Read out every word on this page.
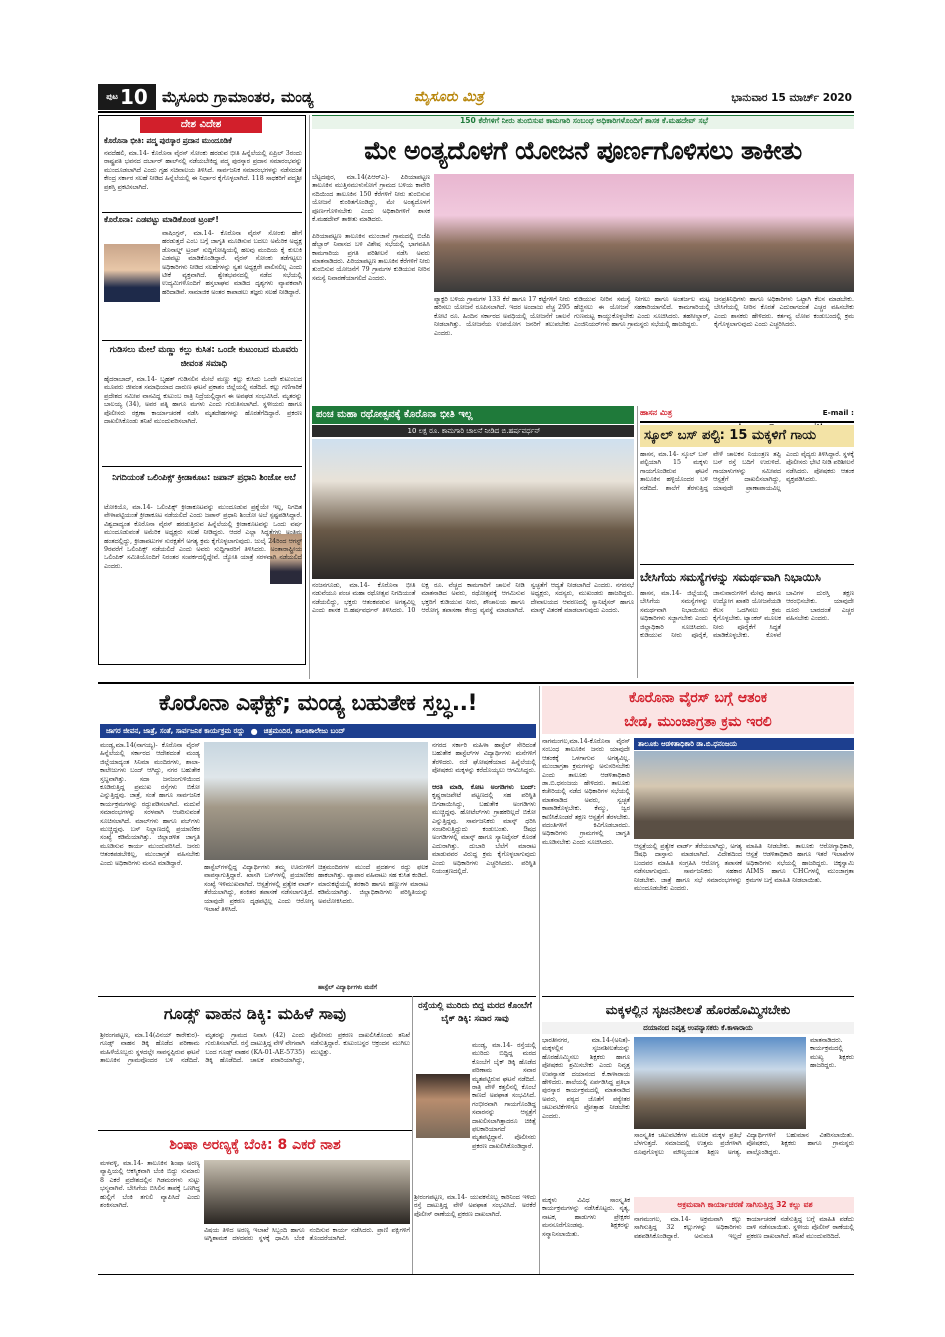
ಪುಟ 10 ಮೈಸೂರು ಗ್ರಾಮಾಂತರ, ಮಂಡ್ಯ	ಮೈಸೂರು ಮಿತ್ರ	ಭಾನುವಾರ 15 ಮಾರ್ಚ್ 2020
ದೇಶ ವಿದೇಶ
ಕೊರೊನಾ ಭೀತಿ: ಪದ್ಮ ಪುರಸ್ಕಾರ ಪ್ರದಾನ ಮುಂದೂಡಿಕೆ
ನವದೆಹಲಿ, ಮಾ.14- ಕೊರೊನಾ ವೈರಸ್ ಸೋಂಕು ಹರಡುವ ಭೀತಿ ಹಿನ್ನೆಲೆಯಲ್ಲಿ ಏಪ್ರಿಲ್ 3ರಂದು ರಾಷ್ಟ್ರಪತಿ ಭವನದ ದರ್ಬಾರ್ ಹಾಲ್‌ನಲ್ಲಿ ನಡೆಯಬೇಕಿದ್ದ ಪದ್ಮ ಪುರಸ್ಕಾರ ಪ್ರದಾನ ಸಮಾರಂಭವನ್ನು ಮುಂದೂಡಲಾಗಿದೆ ಎಂದು ಗೃಹ ಸಚಿವಾಲಯ ತಿಳಿಸಿದೆ. ಸಾರ್ವಜನಿಕ ಸಮಾರಂಭಗಳನ್ನು ನಡೆಸದಂತೆ ಕೇಂದ್ರ ಸರ್ಕಾರ ಸಲಹೆ ನೀಡಿದ ಹಿನ್ನೆಲೆಯಲ್ಲಿ ಈ ನಿರ್ಧಾರ ಕೈಗೊಳ್ಳಲಾಗಿದೆ. 118 ಸಾಧಕರಿಗೆ ಪದ್ಮಶ್ರೀ ಪ್ರಶಸ್ತಿ ಪ್ರಕಟಿಸಲಾಗಿದೆ.
ಕೊರೊನಾ: ಎಡವಟ್ಟು ಮಾಡಿಕೊಂಡ ಟ್ರಂಪ್!
ವಾಷಿಂಗ್ಟನ್, ಮಾ.14- ಕೊರೊನಾ ವೈರಸ್ ಸೋಂಕು ಹೇಗೆ ಹರಡುತ್ತದೆ ಎಂಬ ಬಗ್ಗೆ ಜಾಗೃತಿ ಮೂಡಿಸುವ ಬದಲು ಅಮೆರಿಕ ಅಧ್ಯಕ್ಷ ಡೊನಾಲ್ಡ್ ಟ್ರಂಪ್ ಸುದ್ದಿಗೋಷ್ಠಿಯಲ್ಲಿ ಹಲವು ಮಂದಿಯ ಕೈ ಕುಲುಕಿ ಎಡವಟ್ಟು ಮಾಡಿಕೊಂಡಿದ್ದಾರೆ. ವೈರಸ್ ಸೋಂಕು ತಡೆಗಟ್ಟಲು ಅಧಿಕಾರಿಗಳು ನೀಡಿದ ಸಲಹೆಗಳನ್ನು ಸ್ವತಃ ಅಧ್ಯಕ್ಷರೇ ಪಾಲಿಸಲಿಲ್ಲ ಎಂದು ಟೀಕೆ ವ್ಯಕ್ತವಾಗಿದೆ. ಶ್ವೇತಭವನದಲ್ಲಿ ನಡೆದ ಸಭೆಯಲ್ಲಿ ಉದ್ಯಮಿಗಳೊಂದಿಗೆ ಹಸ್ತಲಾಘವ ಮಾಡಿದ ದೃಶ್ಯಗಳು ವ್ಯಾಪಕವಾಗಿ ಹರಿದಾಡಿವೆ. ಸಾಮಾಜಿಕ ಅಂತರ ಕಾಪಾಡಲು ತಜ್ಞರು ಸಲಹೆ ನೀಡಿದ್ದಾರೆ.
ಗುಡಿಸಲು ಮೇಲೆ ಮಣ್ಣು ಕಲ್ಲು ಕುಸಿತ: ಒಂದೇ ಕುಟುಂಬದ ಮೂವರು ಜೀವಂತ ಸಮಾಧಿ
ಹೈದರಾಬಾದ್, ಮಾ.14- ಬೃಹತ್ ಗುಡಿಸಲಿನ ಮೇಲೆ ಮಣ್ಣು ಕಲ್ಲು ಕುಸಿದು ಒಂದೇ ಕುಟುಂಬದ ಮೂವರು ಜೀವಂತ ಸಮಾಧಿಯಾದ ದಾರುಣ ಘಟನೆ ಪ್ರಕಾಶಂ ಜಿಲ್ಲೆಯಲ್ಲಿ ನಡೆದಿದೆ. ಕಲ್ಲು ಗಣಿಗಾರಿಕೆ ಪ್ರದೇಶದ ಸಮೀಪ ವಾಸವಿದ್ದ ಕುಟುಂಬ ರಾತ್ರಿ ನಿದ್ರೆಯಲ್ಲಿದ್ದಾಗ ಈ ಅವಘಡ ಸಂಭವಿಸಿದೆ. ಮೃತರನ್ನು ಬಾಲಯ್ಯ (34), ಅವರ ಪತ್ನಿ ಹಾಗೂ ಮಗಳು ಎಂದು ಗುರುತಿಸಲಾಗಿದೆ. ಸ್ಥಳೀಯರು ಹಾಗೂ ಪೊಲೀಸರು ರಕ್ಷಣಾ ಕಾರ್ಯಾಚರಣೆ ನಡೆಸಿ ಮೃತದೇಹಗಳನ್ನು ಹೊರತೆಗೆದಿದ್ದಾರೆ. ಪ್ರಕರಣ ದಾಖಲಿಸಿಕೊಂಡು ತನಿಖೆ ಮುಂದುವರಿಸಲಾಗಿದೆ.
ನಿಗದಿಯಂತೆ ಒಲಿಂಪಿಕ್ಸ್ ಕ್ರೀಡಾಕೂಟ: ಜಪಾನ್ ಪ್ರಧಾನಿ ಶಿಂಜೋ ಅಬೆ
ಟೋಕಿಯೊ, ಮಾ.14- ಒಲಿಂಪಿಕ್ಸ್ ಕ್ರೀಡಾಕೂಟವನ್ನು ಮುಂದೂಡುವ ಪ್ರಶ್ನೆಯೇ ಇಲ್ಲ, ನಿಗದಿತ ವೇಳಾಪಟ್ಟಿಯಂತೆ ಕ್ರೀಡಾಕೂಟ ನಡೆಯಲಿದೆ ಎಂದು ಜಪಾನ್ ಪ್ರಧಾನಿ ಶಿಂಜೋ ಅಬೆ ಸ್ಪಷ್ಟಪಡಿಸಿದ್ದಾರೆ. ವಿಶ್ವದಾದ್ಯಂತ ಕೊರೊನಾ ವೈರಸ್ ಹರಡುತ್ತಿರುವ ಹಿನ್ನೆಲೆಯಲ್ಲಿ ಕ್ರೀಡಾಕೂಟವನ್ನು ಒಂದು ವರ್ಷ ಮುಂದೂಡುವಂತೆ ಅಮೆರಿಕ ಅಧ್ಯಕ್ಷರು ಸಲಹೆ ನೀಡಿದ್ದರು. ಆದರೆ ಎಲ್ಲಾ ಸಿದ್ಧತೆಗಳು ಅಂತಿಮ ಹಂತದಲ್ಲಿದ್ದು, ಕ್ರೀಡಾಪಟುಗಳ ಸುರಕ್ಷತೆಗೆ ಅಗತ್ಯ ಕ್ರಮ ಕೈಗೊಳ್ಳಲಾಗುವುದು. ಜುಲೈ 24ರಿಂದ ಆಗಸ್ಟ್ 9ರವರೆಗೆ ಒಲಿಂಪಿಕ್ಸ್ ನಡೆಯಲಿದೆ ಎಂದು ಅವರು ಸುದ್ದಿಗಾರರಿಗೆ ತಿಳಿಸಿದರು. ಅಂತಾರಾಷ್ಟ್ರೀಯ ಒಲಿಂಪಿಕ್ ಸಮಿತಿಯೊಂದಿಗೆ ನಿರಂತರ ಸಂಪರ್ಕದಲ್ಲಿದ್ದೇವೆ. ಜ್ಯೋತಿ ಯಾತ್ರೆ ಸರಳವಾಗಿ ನಡೆಯಲಿದೆ ಎಂದರು.
150 ಕೆರೆಗಳಿಗೆ ನೀರು ತುಂಬಿಸುವ ಕಾಮಗಾರಿ ಸಂಬಂಧ ಅಧಿಕಾರಿಗಳೊಂದಿಗೆ ಶಾಸಕ ಕೆ.ಮಹದೇವ್ ಸಭೆ
ಮೇ ಅಂತ್ಯದೊಳಗೆ ಯೋಜನೆ ಪೂರ್ಣಗೊಳಿಸಲು ತಾಕೀತು
ಬೆಟ್ಟದಪುರ, ಮಾ.14(ಪಿಆರ್‌ಎ)- ಪಿರಿಯಾಪಟ್ಟಣ ತಾಲೂಕಿನ ಮುತ್ತಿನಮುಳುಸೋಗೆ ಗ್ರಾಮದ ಬಳಿಯ ಕಾವೇರಿ ನದಿಯಿಂದ ತಾಲೂಕಿನ 150 ಕೆರೆಗಳಿಗೆ ನೀರು ತುಂಬಿಸುವ ಯೋಜನೆ ಕುಂಠಿತಗೊಂಡಿದ್ದು, ಮೇ ಅಂತ್ಯದೊಳಗೆ ಪೂರ್ಣಗೊಳಿಸಬೇಕು ಎಂದು ಅಧಿಕಾರಿಗಳಿಗೆ ಶಾಸಕ ಕೆ.ಮಹದೇವ್ ತಾಕೀತು ಮಾಡಿದರು.

ಪಿರಿಯಾಪಟ್ಟಣ ತಾಲೂಕಿನ ಮುಂಜಾನೆ ಗ್ರಾಮದಲ್ಲಿ ಬಿಜೆಪಿ ಹೆಬ್ಬಾರ್ ನಿವಾಸದ ಬಳಿ ವಿಶೇಷ ಸಭೆಯಲ್ಲಿ ಭಾಗವಹಿಸಿ ಕಾಮಗಾರಿಯ ಪ್ರಗತಿ ಪರಿಶೀಲನೆ ನಡೆಸಿ ಅವರು ಮಾತನಾಡಿದರು. ಪಿರಿಯಾಪಟ್ಟಣ ತಾಲೂಕಿನ ಕೆರೆಗಳಿಗೆ ನೀರು ತುಂಬಿಸುವ ಯೋಜನೆಗೆ 79 ಗ್ರಾಮಗಳ ಕುಡಿಯುವ ನೀರಿನ ಸಮಸ್ಯೆ ನಿವಾರಣೆಯಾಗಲಿದೆ ಎಂದರು.
ಪ್ಯಾಕ್ಟರಿ ಬಳಿಯ ಗ್ರಾಮಗಳ 133 ಕೆರೆ ಹಾಗೂ 17 ಕಟ್ಟೆಗಳಿಗೆ ನೀರು ಹರಿಸಲು ಯೋಜನೆ ರೂಪಿಸಲಾಗಿದೆ. ಇದರ ಅಂದಾಜು ವೆಚ್ಚ 295 ಕೋಟಿ ರೂ. ಹಿಂದಿನ ಸರ್ಕಾರದ ಅವಧಿಯಲ್ಲಿ ಯೋಜನೆಗೆ ಚಾಲನೆ ನೀಡಲಾಗಿತ್ತು. ಯೋಜನೆಯ ಉಪಯೋಗ ಜನರಿಗೆ ತಲುಪಬೇಕು ಎಂದರು.
ಕುಡಿಯುವ ನೀರಿನ ಸಮಸ್ಯೆ ನೀಗಲು ಹಾಗೂ ಅಂತರ್ಜಲ ಮಟ್ಟ ಹೆಚ್ಚಿಸಲು ಈ ಯೋಜನೆ ಸಹಕಾರಿಯಾಗಲಿದೆ. ಕಾಮಗಾರಿಯಲ್ಲಿ ಗುಣಮಟ್ಟ ಕಾಯ್ದುಕೊಳ್ಳಬೇಕು ಎಂದು ಸೂಚಿಸಿದರು. ತಹಸೀಲ್ದಾರ್, ಎಂಜಿನಿಯರ್‌ಗಳು ಹಾಗೂ ಗ್ರಾಮಸ್ಥರು ಸಭೆಯಲ್ಲಿ ಹಾಜರಿದ್ದರು.
ಜನಪ್ರತಿನಿಧಿಗಳು ಹಾಗೂ ಅಧಿಕಾರಿಗಳು ಒಟ್ಟಾಗಿ ಕೆಲಸ ಮಾಡಬೇಕು. ಬೇಸಿಗೆಯಲ್ಲಿ ನೀರಿನ ಕೊರತೆ ಎದುರಾಗದಂತೆ ಎಚ್ಚರ ವಹಿಸಬೇಕು ಎಂದು ಶಾಸಕರು ಹೇಳಿದರು. ಕರ್ತವ್ಯ ಲೋಪ ಕಂಡುಬಂದಲ್ಲಿ ಕ್ರಮ ಕೈಗೊಳ್ಳಲಾಗುವುದು ಎಂದು ಎಚ್ಚರಿಸಿದರು.
ಪಂಚ ಮಹಾ ರಥೋತ್ಸವಕ್ಕೆ ಕೊರೊನಾ ಭೀತಿ ಇಲ್ಲ
10 ಲಕ್ಷ ರೂ. ಕಾಮಗಾರಿ ಚಾಲನೆ ನೀಡಿದ ಬಿ.ಹರ್ಷವರ್ಧನ್
ನಂಜನಗೂಡು, ಮಾ.14- ಕೊರೊನಾ ಭೀತಿ ನಡುವೆಯೂ ಪಂಚ ಮಹಾ ರಥೋತ್ಸವ ನಿಗದಿಯಂತೆ ನಡೆಯಲಿದ್ದು, ಭಕ್ತರು ಆತಂಕಪಡುವ ಅಗತ್ಯವಿಲ್ಲ ಎಂದು ಶಾಸಕ ಬಿ.ಹರ್ಷವರ್ಧನ್ ತಿಳಿಸಿದರು. 10 ಲಕ್ಷ ರೂ. ವೆಚ್ಚದ ಕಾಮಗಾರಿಗೆ ಚಾಲನೆ ನೀಡಿ ಮಾತನಾಡಿದ ಅವರು, ರಥೋತ್ಸವಕ್ಕೆ ಆಗಮಿಸುವ ಭಕ್ತರಿಗೆ ಕುಡಿಯುವ ನೀರು, ಶೌಚಾಲಯ ಹಾಗೂ ಆರೋಗ್ಯ ತಪಾಸಣಾ ಕೇಂದ್ರ ವ್ಯವಸ್ಥೆ ಮಾಡಲಾಗಿದೆ. ಸ್ವಚ್ಛತೆಗೆ ಆದ್ಯತೆ ನೀಡಲಾಗಿದೆ ಎಂದರು. ನಗರಸಭೆ ಅಧ್ಯಕ್ಷರು, ಸದಸ್ಯರು, ಮುಖಂಡರು ಹಾಜರಿದ್ದರು. ದೇವಾಲಯದ ಆವರಣದಲ್ಲಿ ಸ್ಯಾನಿಟೈಸರ್ ಹಾಗೂ ಮಾಸ್ಕ್ ವಿತರಣೆ ಮಾಡಲಾಗುವುದು ಎಂದರು.
ಹಾಸನ ಮಿತ್ರ	E-mail :
ಸ್ಕೂಲ್ ಬಸ್ ಪಲ್ಟಿ: 15 ಮಕ್ಕಳಿಗೆ ಗಾಯ
ಹಾಸನ, ಮಾ.14- ಸ್ಕೂಲ್ ಬಸ್ ಪಲ್ಟಿಯಾಗಿ 15 ಮಕ್ಕಳು ಗಾಯಗೊಂಡಿರುವ ಘಟನೆ ತಾಲೂಕಿನ ಹಳ್ಳಿಯೊಂದರ ಬಳಿ ನಡೆದಿದೆ. ಶಾಲೆಗೆ ತೆರಳುತ್ತಿದ್ದ ವೇಳೆ ಚಾಲಕನ ನಿಯಂತ್ರಣ ತಪ್ಪಿ ಬಸ್ ರಸ್ತೆ ಬದಿಗೆ ಉರುಳಿದೆ. ಗಾಯಾಳುಗಳನ್ನು ಸಮೀಪದ ಆಸ್ಪತ್ರೆಗೆ ದಾಖಲಿಸಲಾಗಿದ್ದು, ಯಾವುದೇ ಪ್ರಾಣಾಪಾಯವಿಲ್ಲ ಎಂದು ವೈದ್ಯರು ತಿಳಿಸಿದ್ದಾರೆ. ಸ್ಥಳಕ್ಕೆ ಪೊಲೀಸರು ಭೇಟಿ ನೀಡಿ ಪರಿಶೀಲನೆ ನಡೆಸಿದರು. ಪೋಷಕರು ಆತಂಕ ವ್ಯಕ್ತಪಡಿಸಿದರು.
ಬೇಸಿಗೆಯ ಸಮಸ್ಯೆಗಳನ್ನು ಸಮರ್ಥವಾಗಿ ನಿಭಾಯಿಸಿ
ಹಾಸನ, ಮಾ.14- ಜಿಲ್ಲೆಯಲ್ಲಿ ಬೇಸಿಗೆಯ ಸಮಸ್ಯೆಗಳನ್ನು ಸಮರ್ಥವಾಗಿ ನಿಭಾಯಿಸಲು ಅಧಿಕಾರಿಗಳು ಸಜ್ಜಾಗಬೇಕು ಎಂದು ಜಿಲ್ಲಾಧಿಕಾರಿ ಸೂಚಿಸಿದರು. ಕುಡಿಯುವ ನೀರು ಪೂರೈಕೆ, ಜಾನುವಾರುಗಳಿಗೆ ಮೇವು ಹಾಗೂ ಉದ್ಯೋಗ ಖಾತರಿ ಯೋಜನೆಯಡಿ ಕೆಲಸ ಒದಗಿಸಲು ಕ್ರಮ ಕೈಗೊಳ್ಳಬೇಕು. ಟ್ಯಾಂಕರ್ ಮೂಲಕ ನೀರು ಪೂರೈಕೆಗೆ ಸಿದ್ಧತೆ ಮಾಡಿಕೊಳ್ಳಬೇಕು. ಕೊಳವೆ ಬಾವಿಗಳ ದುರಸ್ತಿ ತಕ್ಷಣ ಆರಂಭಿಸಬೇಕು. ಯಾವುದೇ ದೂರು ಬಾರದಂತೆ ಎಚ್ಚರ ವಹಿಸಬೇಕು ಎಂದರು.
ಕೊರೊನಾ ಎಫೆಕ್ಟ್; ಮಂಡ್ಯ ಬಹುತೇಕ ಸ್ತಬ್ಧ..!
ಜಾಗರ ಜೀವನ, ಜಾತ್ರೆ, ಸಂತೆ, ಸಾರ್ವಜನಿಕ ಕಾರ್ಯಕ್ರಮ ರದ್ದು ● ಚಿತ್ರಮಂದಿರ, ಶಾಲಾಕಾಲೇಜು ಬಂದ್
ಮಂಡ್ಯ,ಮಾ.14(ನಾಗಯ್ಯ)- ಕೊರೊನಾ ವೈರಸ್ ಹಿನ್ನೆಲೆಯಲ್ಲಿ ಸರ್ಕಾರದ ಆದೇಶದಂತೆ ಮಂಡ್ಯ ಜಿಲ್ಲೆಯಾದ್ಯಂತ ಸಿನಿಮಾ ಮಂದಿರಗಳು, ಶಾಲಾ-ಕಾಲೇಜುಗಳು ಬಂದ್ ಆಗಿದ್ದು, ನಗರ ಬಹುತೇಕ ಸ್ತಬ್ಧವಾಗಿತ್ತು. ಸದಾ ಜನಜಂಗುಳಿಯಿಂದ ಕೂಡಿರುತ್ತಿದ್ದ ಪ್ರಮುಖ ರಸ್ತೆಗಳು ಬಿಕೋ ಎನ್ನುತ್ತಿದ್ದವು. ಜಾತ್ರೆ, ಸಂತೆ ಹಾಗೂ ಸಾರ್ವಜನಿಕ ಕಾರ್ಯಕ್ರಮಗಳನ್ನು ರದ್ದುಪಡಿಸಲಾಗಿದೆ. ಮದುವೆ ಸಮಾರಂಭಗಳನ್ನು ಸರಳವಾಗಿ ಆಚರಿಸುವಂತೆ ಸೂಚಿಸಲಾಗಿದೆ. ಮಾಲ್‌ಗಳು ಹಾಗೂ ಪಬ್‌ಗಳು ಮುಚ್ಚಿದ್ದವು. ಬಸ್ ನಿಲ್ದಾಣದಲ್ಲಿ ಪ್ರಯಾಣಿಕರ ಸಂಖ್ಯೆ ಕಡಿಮೆಯಾಗಿತ್ತು. ಜಿಲ್ಲಾಡಳಿತ ಜಾಗೃತಿ ಮೂಡಿಸುವ ಕಾರ್ಯ ಮುಂದುವರಿಸಿದೆ. ಜನರು ಆತಂಕಪಡಬೇಕಿಲ್ಲ, ಮುಂಜಾಗ್ರತೆ ವಹಿಸಬೇಕು ಎಂದು ಅಧಿಕಾರಿಗಳು ಮನವಿ ಮಾಡಿದ್ದಾರೆ.
ಹಾಸ್ಟೆಲ್‌ಗಳಲ್ಲಿದ್ದ ವಿದ್ಯಾರ್ಥಿಗಳು ತಮ್ಮ ಊರುಗಳಿಗೆ ವಾಪಸ್ಸಾಗುತ್ತಿದ್ದಾರೆ. ಖಾಸಗಿ ಬಸ್‌ಗಳಲ್ಲಿ ಪ್ರಯಾಣಿಕರ ಸಂಖ್ಯೆ ಇಳಿಮುಖವಾಗಿದೆ. ಆಸ್ಪತ್ರೆಗಳಲ್ಲಿ ಪ್ರತ್ಯೇಕ ವಾರ್ಡ್ ತೆರೆಯಲಾಗಿದ್ದು, ಶಂಕಿತರ ತಪಾಸಣೆ ನಡೆಸಲಾಗುತ್ತಿದೆ. ಯಾವುದೇ ಪ್ರಕರಣ ದೃಢಪಟ್ಟಿಲ್ಲ ಎಂದು ಆರೋಗ್ಯ ಇಲಾಖೆ ತಿಳಿಸಿದೆ.
ಚಿತ್ರಮಂದಿರಗಳ ಮುಂದೆ ಪ್ರದರ್ಶನ ರದ್ದು ಫಲಕ ಹಾಕಲಾಗಿತ್ತು. ವ್ಯಾಪಾರ ವಹಿವಾಟು ಸಹ ಕುಸಿತ ಕಂಡಿದೆ. ಮಾರುಕಟ್ಟೆಯಲ್ಲಿ ತರಕಾರಿ ಹಾಗೂ ಹಣ್ಣುಗಳ ಮಾರಾಟ ಕಡಿಮೆಯಾಗಿತ್ತು. ಜಿಲ್ಲಾಧಿಕಾರಿಗಳು ಪರಿಸ್ಥಿತಿಯನ್ನು ಅವಲೋಕಿಸಿದರು.
ನಗರದ ಸರ್ಕಾರಿ ಮಹಿಳಾ ಹಾಸ್ಟೆಲ್ ಸೇರಿದಂತೆ ಬಹುತೇಕ ಹಾಸ್ಟೆಲ್‌ಗಳ ವಿದ್ಯಾರ್ಥಿಗಳು ಮನೆಗಳಿಗೆ ತೆರಳಿದರು. ರಜೆ ಘೋಷಣೆಯಾದ ಹಿನ್ನೆಲೆಯಲ್ಲಿ ಪೋಷಕರು ಮಕ್ಕಳನ್ನು ಕರೆದೊಯ್ಯಲು ಆಗಮಿಸಿದ್ದರು.

ಆರತಿ ಮಾಡಿ, ಕೋಟ ಅಂಗಡಿಗಳು ಬಂದ್: ಕೃಷ್ಣರಾಜಪೇಟೆ ಪಟ್ಟಣದಲ್ಲಿ ಸಹ ಪರಿಸ್ಥಿತಿ ಬಿಗಡಾಯಿಸಿದ್ದು, ಬಹುತೇಕ ಅಂಗಡಿಗಳು ಮುಚ್ಚಿದ್ದವು. ಹೋಟೆಲ್‌ಗಳು ಗ್ರಾಹಕರಿಲ್ಲದೆ ಬಿಕೋ ಎನ್ನುತ್ತಿದ್ದವು. ಸಾರ್ವಜನಿಕರು ಮಾಸ್ಕ್ ಧರಿಸಿ ಸಂಚರಿಸುತ್ತಿದ್ದುದು ಕಂಡುಬಂತು. ಔಷಧ ಅಂಗಡಿಗಳಲ್ಲಿ ಮಾಸ್ಕ್ ಹಾಗೂ ಸ್ಯಾನಿಟೈಸರ್ ಕೊರತೆ ಎದುರಾಗಿತ್ತು. ದುಬಾರಿ ಬೆಲೆಗೆ ಮಾರಾಟ ಮಾಡುವವರ ವಿರುದ್ಧ ಕ್ರಮ ಕೈಗೊಳ್ಳಲಾಗುವುದು ಎಂದು ಅಧಿಕಾರಿಗಳು ಎಚ್ಚರಿಸಿದರು. ಪರಿಸ್ಥಿತಿ ನಿಯಂತ್ರಣದಲ್ಲಿದೆ.
ಹಾಸ್ಟೆಲ್ ವಿದ್ಯಾರ್ಥಿಗಳು ಮನೆಗೆ
ಕೊರೊನಾ ವೈರಸ್ ಬಗ್ಗೆ ಆತಂಕ
ಬೇಡ, ಮುಂಜಾಗ್ರತಾ ಕ್ರಮ ಇರಲಿ
ನಾಗಮಂಗಲ,ಮಾ.14-ಕೊರೊನಾ ವೈರಸ್ ಸಂಬಂಧ ತಾಲೂಕಿನ ಜನರು ಯಾವುದೇ ಆತಂಕಕ್ಕೆ ಒಳಗಾಗುವ ಅಗತ್ಯವಿಲ್ಲ. ಮುಂಜಾಗ್ರತಾ ಕ್ರಮಗಳನ್ನು ಅನುಸರಿಸಬೇಕು ಎಂದು ತಾಲೂಕು ಆಡಳಿತಾಧಿಕಾರಿ ಡಾ.ಬಿ.ಧನಂಜಯ ಹೇಳಿದರು. ತಾಲೂಕು ಕಚೇರಿಯಲ್ಲಿ ನಡೆದ ಅಧಿಕಾರಿಗಳ ಸಭೆಯಲ್ಲಿ ಮಾತನಾಡಿದ ಅವರು, ಸ್ವಚ್ಛತೆ ಕಾಪಾಡಿಕೊಳ್ಳಬೇಕು. ಕೆಮ್ಮು, ಜ್ವರ ಕಾಣಿಸಿಕೊಂಡರೆ ತಕ್ಷಣ ಆಸ್ಪತ್ರೆಗೆ ತೆರಳಬೇಕು. ವದಂತಿಗಳಿಗೆ ಕಿವಿಗೊಡಬಾರದು. ಅಧಿಕಾರಿಗಳು ಗ್ರಾಮಗಳಲ್ಲಿ ಜಾಗೃತಿ ಮೂಡಿಸಬೇಕು ಎಂದು ಸೂಚಿಸಿದರು.
ತಾಲೂಕು ಆಡಳಿತಾಧಿಕಾರಿ ಡಾ.ಬಿ.ಧನಂಜಯ
ಆಸ್ಪತ್ರೆಯಲ್ಲಿ ಪ್ರತ್ಯೇಕ ವಾರ್ಡ್ ತೆರೆಯಲಾಗಿದ್ದು, ಅಗತ್ಯ ಔಷಧಿ ದಾಸ್ತಾನು ಮಾಡಲಾಗಿದೆ. ವಿದೇಶದಿಂದ ಬಂದವರ ಮಾಹಿತಿ ಸಂಗ್ರಹಿಸಿ ಆರೋಗ್ಯ ತಪಾಸಣೆ ನಡೆಸಲಾಗುವುದು. ಸಾರ್ವಜನಿಕರು ಸಹಕಾರ ನೀಡಬೇಕು. ಜಾತ್ರೆ ಹಾಗೂ ಸಭೆ ಸಮಾರಂಭಗಳನ್ನು ಮುಂದೂಡಬೇಕು ಎಂದರು.
ಮಾಹಿತಿ ನೀಡಬೇಕು. ತಾಲೂಕು ಆರೋಗ್ಯಾಧಿಕಾರಿ, ಆಸ್ಪತ್ರೆ ಆಡಳಿತಾಧಿಕಾರಿ ಹಾಗೂ ಇತರೆ ಇಲಾಖೆಗಳ ಅಧಿಕಾರಿಗಳು ಸಭೆಯಲ್ಲಿ ಹಾಜರಿದ್ದರು. ಚಿಕ್ಕಸ್ವಾಮಿ AIMS ಹಾಗೂ CHCಗಳಲ್ಲಿ ಮುಂಜಾಗ್ರತಾ ಕ್ರಮಗಳ ಬಗ್ಗೆ ಮಾಹಿತಿ ನೀಡಲಾಯಿತು.
ಮಕ್ಕಳಲ್ಲಿನ ಸೃಜನಶೀಲತೆ ಹೊರಹೊಮ್ಮಿಸಬೇಕು
ದಯಾನಂದ ನಿವೃತ್ತ ಉಪನ್ಯಾಸಕರು ಕೆ.ಕಾಳಾರಾಯ
ಭಾರತೀನಗರ, ಮಾ.14-(ಅನಿತ)- ಮಕ್ಕಳಲ್ಲಿನ ಸೃಜನಶೀಲತೆಯನ್ನು ಹೊರಹೊಮ್ಮಿಸಲು ಶಿಕ್ಷಕರು ಹಾಗೂ ಪೋಷಕರು ಶ್ರಮಿಸಬೇಕು ಎಂದು ನಿವೃತ್ತ ಉಪನ್ಯಾಸಕ ದಯಾನಂದ ಕೆ.ಕಾಳಾರಾಯ ಹೇಳಿದರು. ಶಾಲೆಯಲ್ಲಿ ಏರ್ಪಡಿಸಿದ್ದ ಪ್ರತಿಭಾ ಪುರಸ್ಕಾರ ಕಾರ್ಯಕ್ರಮದಲ್ಲಿ ಮಾತನಾಡಿದ ಅವರು, ಪಠ್ಯದ ಜೊತೆಗೆ ಪಠ್ಯೇತರ ಚಟುವಟಿಕೆಗಳಿಗೂ ಪ್ರೋತ್ಸಾಹ ನೀಡಬೇಕು ಎಂದರು.
ಮಾತನಾಡಿದರು. ಕಾರ್ಯಕ್ರಮದಲ್ಲಿ ಮುಖ್ಯ ಶಿಕ್ಷಕರು ಹಾಜರಿದ್ದರು.
ಸಾಂಸ್ಕೃತಿಕ ಚಟುವಟಿಕೆಗಳ ಮೂಲಕ ಮಕ್ಕಳ ಪ್ರತಿಭೆ ಬೆಳಗುತ್ತದೆ. ಸಮಾಜದಲ್ಲಿ ಉತ್ತಮ ಪ್ರಜೆಗಳಾಗಿ ರೂಪುಗೊಳ್ಳಲು ಮೌಲ್ಯಯುತ ಶಿಕ್ಷಣ ಅಗತ್ಯ. ವಿದ್ಯಾರ್ಥಿಗಳಿಗೆ ಬಹುಮಾನ ವಿತರಿಸಲಾಯಿತು. ಪೋಷಕರು, ಶಿಕ್ಷಕರು ಹಾಗೂ ಗ್ರಾಮಸ್ಥರು ಪಾಲ್ಗೊಂಡಿದ್ದರು.
ಗೂಡ್ಸ್ ವಾಹನ ಡಿಕ್ಕಿ: ಮಹಿಳೆ ಸಾವು
ಶ್ರೀರಂಗಪಟ್ಟಣ, ಮಾ.14(ವಿನಯ್ ಕಾರೇಕುರ)- ಗೂಡ್ಸ್ ವಾಹನ ಡಿಕ್ಕಿ ಹೊಡೆದ ಪರಿಣಾಮ ಮಹಿಳೆಯೊಬ್ಬರು ಸ್ಥಳದಲ್ಲೇ ಸಾವನ್ನಪ್ಪಿರುವ ಘಟನೆ ತಾಲೂಕಿನ ಗ್ರಾಮವೊಂದರ ಬಳಿ ನಡೆದಿದೆ. ಮೃತರನ್ನು ಗ್ರಾಮದ ನಿವಾಸಿ (42) ಎಂದು ಗುರುತಿಸಲಾಗಿದೆ. ರಸ್ತೆ ದಾಟುತ್ತಿದ್ದ ವೇಳೆ ವೇಗವಾಗಿ ಬಂದ ಗೂಡ್ಸ್ ವಾಹನ (KA-01-AE-5735) ಡಿಕ್ಕಿ ಹೊಡೆದಿದೆ. ಚಾಲಕ ಪರಾರಿಯಾಗಿದ್ದು, ಪೊಲೀಸರು ಪ್ರಕರಣ ದಾಖಲಿಸಿಕೊಂಡು ತನಿಖೆ ನಡೆಸುತ್ತಿದ್ದಾರೆ. ಕುಟುಂಬಸ್ಥರ ಆಕ್ರಂದನ ಮುಗಿಲು ಮುಟ್ಟಿತ್ತು.
ರಸ್ತೆಯಲ್ಲಿ ಮುರಿದು ಬಿದ್ದ ಮರದ ಕೊಂಬೆಗೆ ಬೈಕ್ ಡಿಕ್ಕಿ: ಸವಾರ ಸಾವು
ಮಂಡ್ಯ, ಮಾ.14- ರಸ್ತೆಯಲ್ಲಿ ಮುರಿದು ಬಿದ್ದಿದ್ದ ಮರದ ಕೊಂಬೆಗೆ ಬೈಕ್ ಡಿಕ್ಕಿ ಹೊಡೆದ ಪರಿಣಾಮ ಸವಾರ ಮೃತಪಟ್ಟಿರುವ ಘಟನೆ ನಡೆದಿದೆ. ರಾತ್ರಿ ವೇಳೆ ಕತ್ತಲಿನಲ್ಲಿ ಕೊಂಬೆ ಕಾಣದೆ ಅಪಘಾತ ಸಂಭವಿಸಿದೆ. ಗಂಭೀರವಾಗಿ ಗಾಯಗೊಂಡಿದ್ದ ಸವಾರನನ್ನು ಆಸ್ಪತ್ರೆಗೆ ದಾಖಲಿಸಲಾಗಿತ್ತಾದರೂ ಚಿಕಿತ್ಸೆ ಫಲಕಾರಿಯಾಗದೆ ಮೃತಪಟ್ಟಿದ್ದಾನೆ. ಪೊಲೀಸರು ಪ್ರಕರಣ ದಾಖಲಿಸಿಕೊಂಡಿದ್ದಾರೆ.
ಶಿಂಷಾ ಅರಣ್ಯಕ್ಕೆ ಬೆಂಕಿ: 8 ಎಕರೆ ನಾಶ
ಮಳವಳ್ಳಿ, ಮಾ.14- ತಾಲೂಕಿನ ಶಿಂಷಾ ಅರಣ್ಯ ವ್ಯಾಪ್ತಿಯಲ್ಲಿ ಆಕಸ್ಮಿಕವಾಗಿ ಬೆಂಕಿ ಬಿದ್ದು ಸುಮಾರು 8 ಎಕರೆ ಪ್ರದೇಶದಲ್ಲಿನ ಗಿಡಮರಗಳು ಸುಟ್ಟು ಭಸ್ಮವಾಗಿವೆ. ಬೇಸಿಗೆಯ ಬಿಸಿಲಿನ ತಾಪಕ್ಕೆ ಒಣಗಿದ್ದ ಹುಲ್ಲಿಗೆ ಬೆಂಕಿ ತಗುಲಿ ವ್ಯಾಪಿಸಿದೆ ಎಂದು ಶಂಕಿಸಲಾಗಿದೆ.
ವಿಷಯ ತಿಳಿದ ಅರಣ್ಯ ಇಲಾಖೆ ಸಿಬ್ಬಂದಿ ಹಾಗೂ ಅಗ್ನಿಶಾಮಕ ದಳದವರು ಸ್ಥಳಕ್ಕೆ ಧಾವಿಸಿ ಬೆಂಕಿ ನಂದಿಸುವ ಕಾರ್ಯ ನಡೆಸಿದರು. ಪ್ರಾಣಿ ಪಕ್ಷಿಗಳಿಗೆ ತೊಂದರೆಯಾಗಿದೆ.
ಶ್ರೀರಂಗಪಟ್ಟಣ, ಮಾ.14- ಯುವಕನೊಬ್ಬ ಕಾರಿನಿಂದ ಇಳಿದು ರಸ್ತೆ ದಾಟುತ್ತಿದ್ದ ವೇಳೆ ಅಪಘಾತ ಸಂಭವಿಸಿದೆ. ಅರಕೆರೆ ಪೊಲೀಸ್ ಠಾಣೆಯಲ್ಲಿ ಪ್ರಕರಣ ದಾಖಲಾಗಿದೆ.
ಅಕ್ರಮವಾಗಿ ಕಾರ್ಯಾಚರಣೆ ಸಾಗಿಸುತ್ತಿದ್ದ 32 ಕಲ್ಲು ವಶ
ನಾಗಮಂಗಲ, ಮಾ.14- ಅಕ್ರಮವಾಗಿ ಕಲ್ಲು ಸಾಗಿಸುತ್ತಿದ್ದ 32 ಕಲ್ಲುಗಳನ್ನು ಅಧಿಕಾರಿಗಳು ವಶಪಡಿಸಿಕೊಂಡಿದ್ದಾರೆ. ಅನುಮತಿ ಇಲ್ಲದೆ ಕಾರ್ಯಾಚರಣೆ ನಡೆಸುತ್ತಿದ್ದ ಬಗ್ಗೆ ಮಾಹಿತಿ ಪಡೆದು ದಾಳಿ ನಡೆಸಲಾಯಿತು. ಸ್ಥಳೀಯ ಪೊಲೀಸ್ ಠಾಣೆಯಲ್ಲಿ ಪ್ರಕರಣ ದಾಖಲಾಗಿದೆ. ತನಿಖೆ ಮುಂದುವರಿದಿದೆ.
ಮಕ್ಕಳು ವಿವಿಧ ಸಾಂಸ್ಕೃತಿಕ ಕಾರ್ಯಕ್ರಮಗಳನ್ನು ನಡೆಸಿಕೊಟ್ಟರು. ನೃತ್ಯ, ನಾಟಕ, ಹಾಡುಗಳು ಪ್ರೇಕ್ಷಕರ ಮನಸೂರೆಗೊಂಡವು. ಶಿಕ್ಷಕರನ್ನು ಸನ್ಮಾನಿಸಲಾಯಿತು.
